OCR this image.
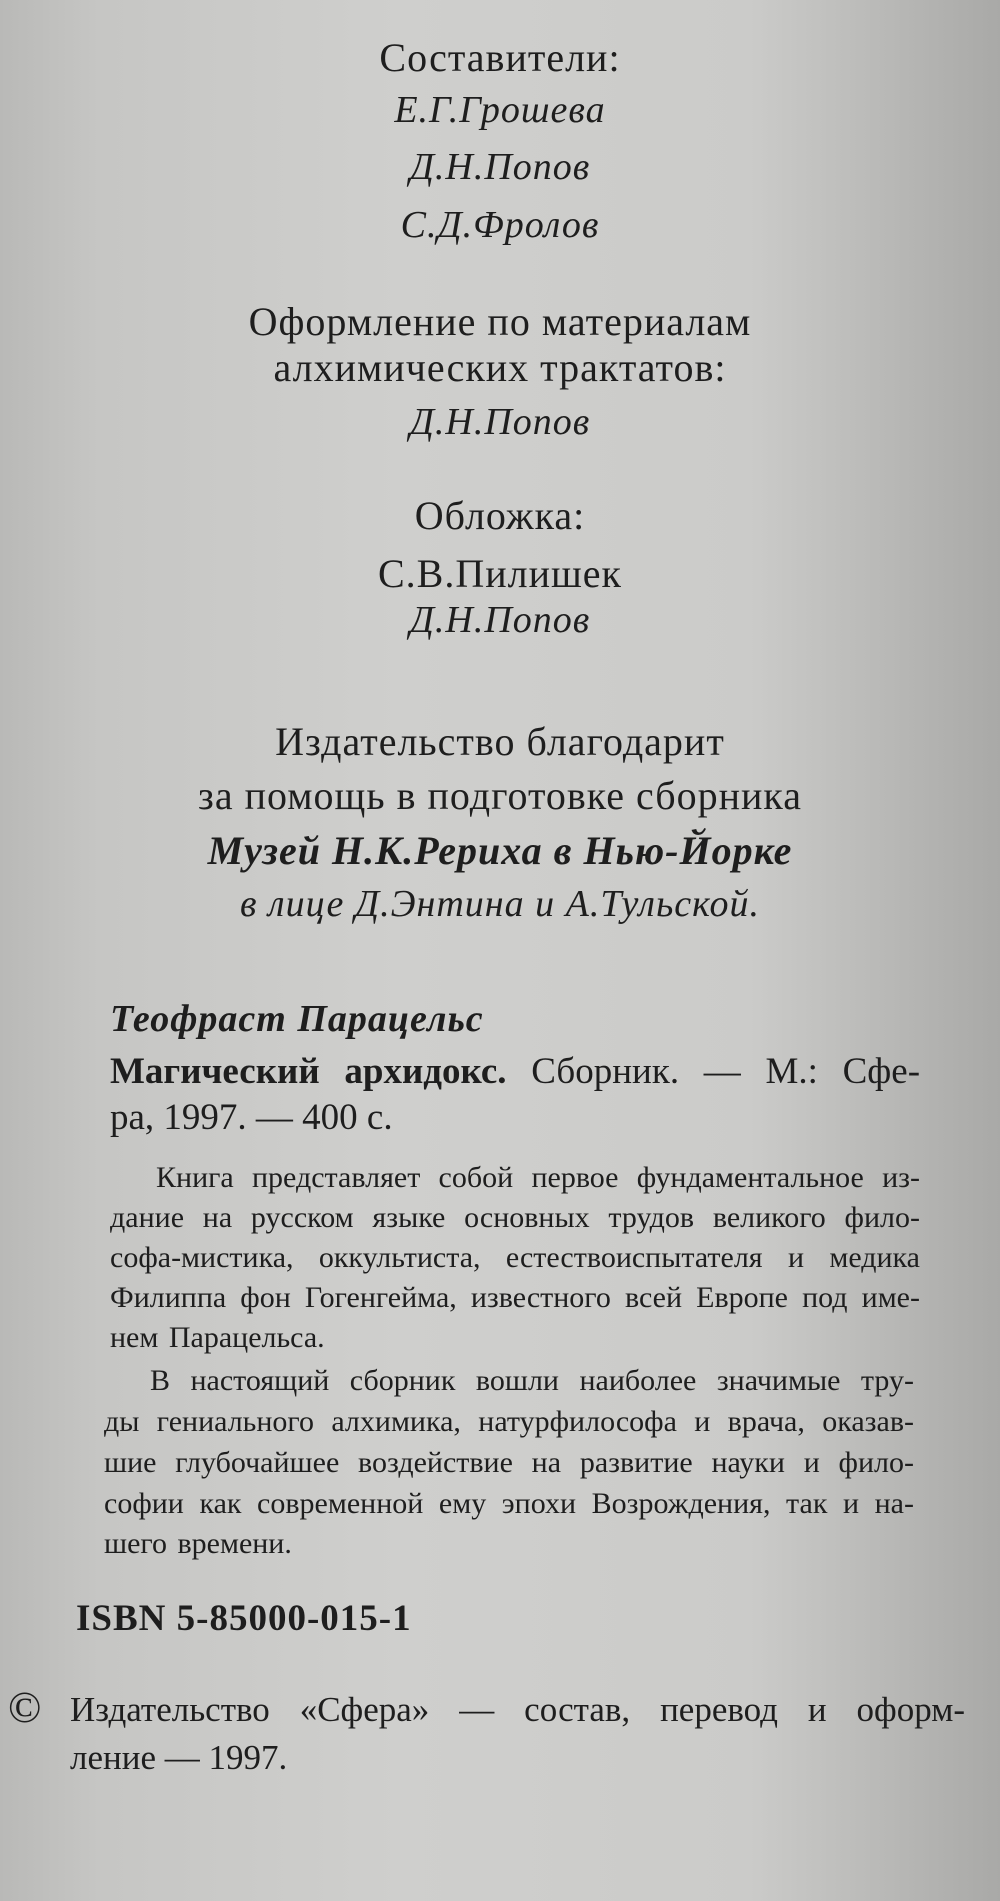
Составители:
Е.Г.Грошева
Д.Н.Попов
С.Д.Фролов
Оформление по материалам
алхимических трактатов:
Д.Н.Попов
Обложка:
С.В.Пилишек
Д.Н.Попов
Издательство благодарит
за помощь в подготовке сборника
Музей Н.К.Рериха в Нью-Йорке
в лице Д.Энтина и А.Тульской.
Теофраст Парацельс
Магический архидокс. Сборник. — М.: Сфе-
ра, 1997. — 400 с.
Книга представляет собой первое фундаментальное из-
дание на русском языке основных трудов великого фило-
софа-мистика, оккультиста, естествоиспытателя и медика
Филиппа фон Гогенгейма, известного всей Европе под име-
нем Парацельса.
В настоящий сборник вошли наиболее значимые тру-
ды гениального алхимика, натурфилософа и врача, оказав-
шие глубочайшее воздействие на развитие науки и фило-
софии как современной ему эпохи Возрождения, так и на-
шего времени.
ISBN 5-85000-015-1
© Издательство «Сфера» — состав, перевод и оформ-
ление — 1997.
